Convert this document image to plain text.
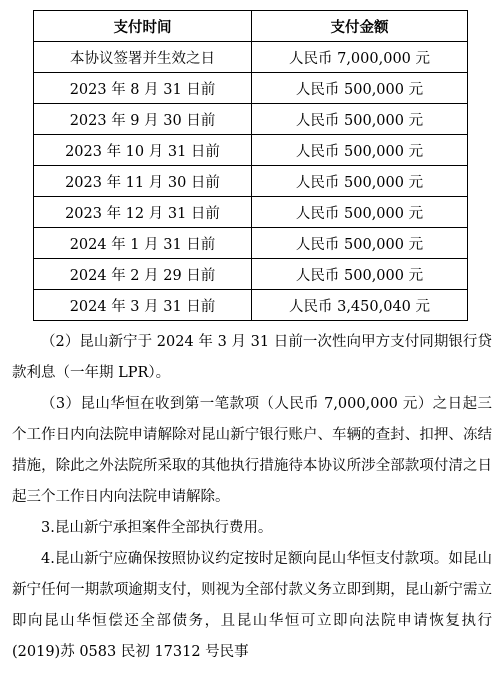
支付时间	支付金额
本协议签署并生效之日	人民币 7,000,000 元
2023 年 8 月 31 日前	人民币 500,000 元
2023 年 9 月 30 日前	人民币 500,000 元
2023 年 10 月 31 日前	人民币 500,000 元
2023 年 11 月 30 日前	人民币 500,000 元
2023 年 12 月 31 日前	人民币 500,000 元
2024 年 1 月 31 日前	人民币 500,000 元
2024 年 2 月 29 日前	人民币 500,000 元
2024 年 3 月 31 日前	人民币 3,450,040 元

（2）昆山新宁于 2024 年 3 月 31 日前一次性向甲方支付同期银行贷款利息（一年期 LPR）。

（3）昆山华恒在收到第一笔款项（人民币 7,000,000 元）之日起三个工作日内向法院申请解除对昆山新宁银行账户、车辆的查封、扣押、冻结措施，除此之外法院所采取的其他执行措施待本协议所涉全部款项付清之日起三个工作日内向法院申请解除。

3.昆山新宁承担案件全部执行费用。

4.昆山新宁应确保按照协议约定按时足额向昆山华恒支付款项。如昆山新宁任何一期款项逾期支付，则视为全部付款义务立即到期，昆山新宁需立即向昆山华恒偿还全部债务，且昆山华恒可立即向法院申请恢复执行(2019)苏 0583 民初 17312 号民事
